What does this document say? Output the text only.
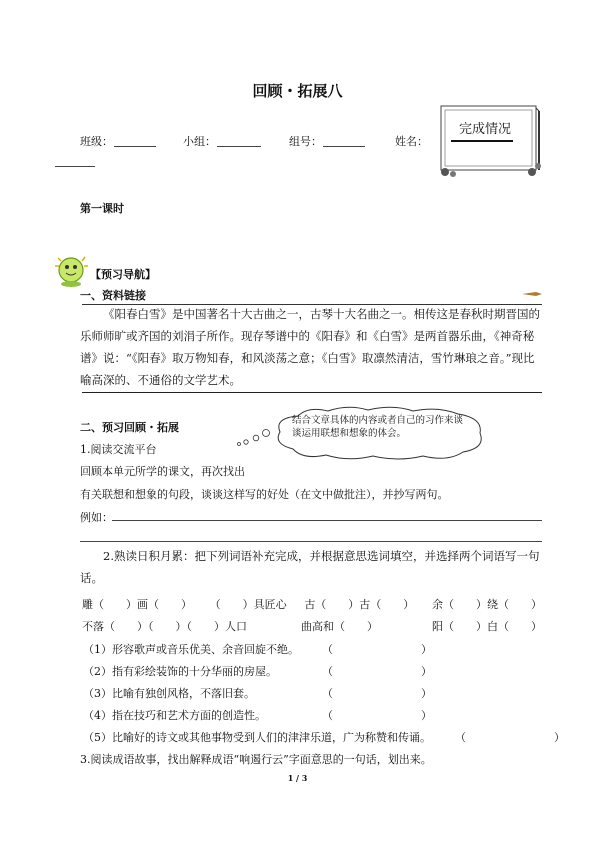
回顾・拓展八
班级：	小组：	组号：	姓名：
完成情况
第一课时
【预习导航】
一、资料链接
《阳春白雪》是中国著名十大古曲之一，古琴十大名曲之一。相传这是春秋时期晋国的乐师师旷或齐国的刘涓子所作。现存琴谱中的《阳春》和《白雪》是两首器乐曲，《神奇秘谱》说：“《阳春》取万物知春，和风淡荡之意；《白雪》取凛然清洁，雪竹琳琅之音。”现比喻高深的、不通俗的文学艺术。
二、预习回顾・拓展
结合文章具体的内容或者自己的习作来谈谈运用联想和想象的体会。
1.阅读交流平台
回顾本单元所学的课文，再次找出
有关联想和想象的句段，谈谈这样写的好处（在文中做批注），并抄写两句。
例如：
2.熟读日积月累：把下列词语补充完成，并根据意思选词填空，并选择两个词语写一句话。
雕（　　）画（　　） （　　）具匠心 古（　　）古（　　） 余（　　）绕（　　）
不落（　　）（　　）（　　）人口	曲高和（　　）	阳（　　）白（　　）
（1）形容歌声或音乐优美、余音回旋不绝。 （　　　　　　　　）
（2）指有彩绘装饰的十分华丽的房屋。	（　　　　　　　　）
（3）比喻有独创风格，不落旧套。	（　　　　　　　　）
（4）指在技巧和艺术方面的创造性。	（　　　　　　　　）
（5）比喻好的诗文或其他事物受到人们的津津乐道，广为称赞和传诵。 （　　　　　　　　）
3.阅读成语故事，找出解释成语“响遏行云”字面意思的一句话，划出来。
1 / 3
